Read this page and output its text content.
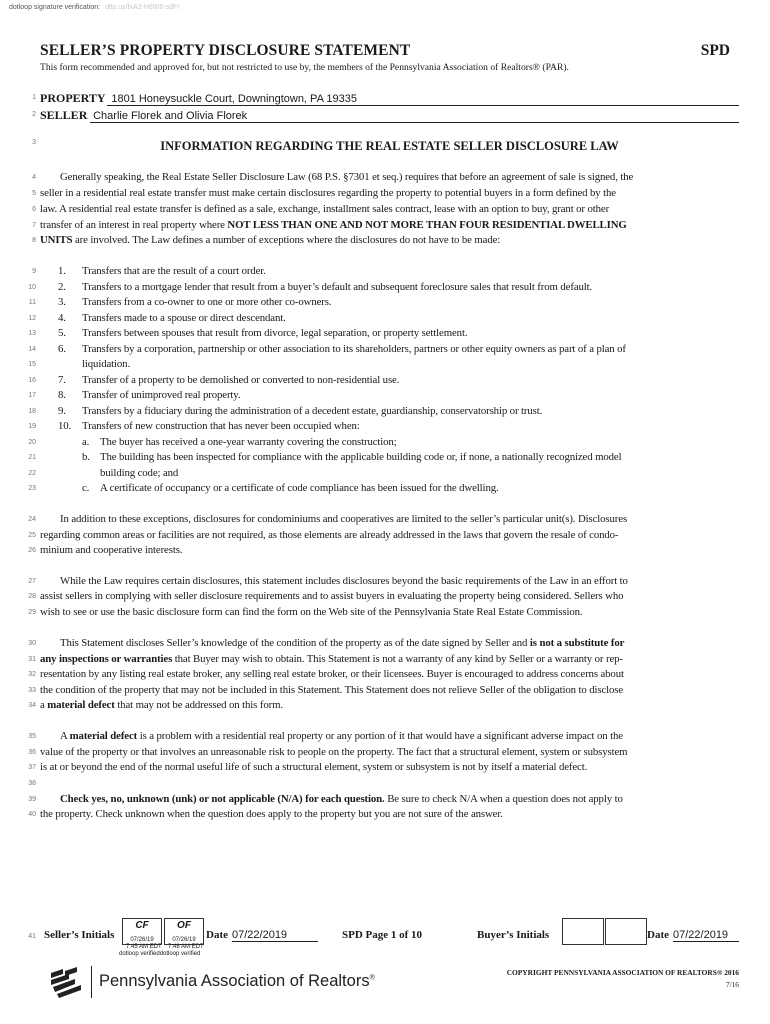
dotloop signature verification: dtlp.us/fxA2-H8W6-sdFr
SELLER’S PROPERTY DISCLOSURE STATEMENT	SPD
This form recommended and approved for, but not restricted to use by, the members of the Pennsylvania Association of Realtors® (PAR).
1
2
3
4
5
6
7
8
9
10
11
12
13
14
15
16
17
18
19
20
21
22
23
24
25
26
27
28
29
30
31
32
33
34
35
36
37
38
39
40
41
PROPERTY 1801 Honeysuckle Court, Downingtown, PA 19335
SELLER Charlie Florek and Olivia Florek
INFORMATION REGARDING THE REAL ESTATE SELLER DISCLOSURE LAW
Generally speaking, the Real Estate Seller Disclosure Law (68 P.S. §7301 et seq.) requires that before an agreement of sale is signed, the
seller in a residential real estate transfer must make certain disclosures regarding the property to potential buyers in a form defined by the
law. A residential real estate transfer is defined as a sale, exchange, installment sales contract, lease with an option to buy, grant or other
transfer of an interest in real property where NOT LESS THAN ONE AND NOT MORE THAN FOUR RESIDENTIAL DWELLING
UNITS are involved. The Law defines a number of exceptions where the disclosures do not have to be made:
1. Transfers that are the result of a court order.
2. Transfers to a mortgage lender that result from a buyer’s default and subsequent foreclosure sales that result from default.
3. Transfers from a co-owner to one or more other co-owners.
4. Transfers made to a spouse or direct descendant.
5. Transfers between spouses that result from divorce, legal separation, or property settlement.
6. Transfers by a corporation, partnership or other association to its shareholders, partners or other equity owners as part of a plan of
liquidation.
7. Transfer of a property to be demolished or converted to non-residential use.
8. Transfer of unimproved real property.
9. Transfers by a fiduciary during the administration of a decedent estate, guardianship, conservatorship or trust.
10. Transfers of new construction that has never been occupied when:
a. The buyer has received a one-year warranty covering the construction;
b. The building has been inspected for compliance with the applicable building code or, if none, a nationally recognized model
building code; and
c. A certificate of occupancy or a certificate of code compliance has been issued for the dwelling.
In addition to these exceptions, disclosures for condominiums and cooperatives are limited to the seller’s particular unit(s). Disclosures
regarding common areas or facilities are not required, as those elements are already addressed in the laws that govern the resale of condo-
minium and cooperative interests.
While the Law requires certain disclosures, this statement includes disclosures beyond the basic requirements of the Law in an effort to
assist sellers in complying with seller disclosure requirements and to assist buyers in evaluating the property being considered. Sellers who
wish to see or use the basic disclosure form can find the form on the Web site of the Pennsylvania State Real Estate Commission.
This Statement discloses Seller’s knowledge of the condition of the property as of the date signed by Seller and is not a substitute for
any inspections or warranties that Buyer may wish to obtain. This Statement is not a warranty of any kind by Seller or a warranty or rep-
resentation by any listing real estate broker, any selling real estate broker, or their licensees. Buyer is encouraged to address concerns about
the condition of the property that may not be included in this Statement. This Statement does not relieve Seller of the obligation to disclose
a material defect that may not be addressed on this form.
A material defect is a problem with a residential real property or any portion of it that would have a significant adverse impact on the
value of the property or that involves an unreasonable risk to people on the property. The fact that a structural element, system or subsystem
is at or beyond the end of the normal useful life of such a structural element, system or subsystem is not by itself a material defect.
Check yes, no, unknown (unk) or not applicable (N/A) for each question. Be sure to check N/A when a question does not apply to
the property. Check unknown when the question does apply to the property but you are not sure of the answer.
Seller’s Initials
CF
07/26/19
OF
07/26/19
7:45 AM EDT 7:48 AM EDT
dotloop verifieddotloop verified
Date 07/22/2019	SPD Page 1 of 10	Buyer’s Initials	Date 07/22/2019
Pennsylvania Association of Realtors®
COPYRIGHT PENNSYLVANIA ASSOCIATION OF REALTORS® 2016
7/16
